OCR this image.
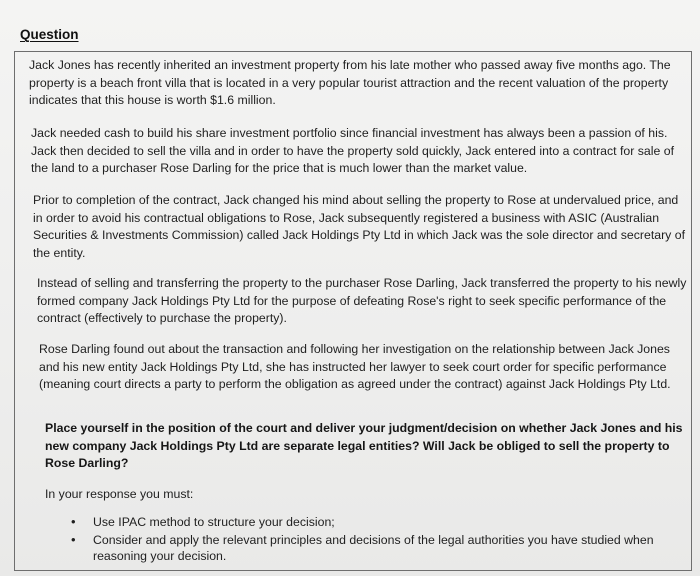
Question

Jack Jones has recently inherited an investment property from his late mother who passed away five months ago. The property is a beach front villa that is located in a very popular tourist attraction and the recent valuation of the property indicates that this house is worth $1.6 million.

Jack needed cash to build his share investment portfolio since financial investment has always been a passion of his. Jack then decided to sell the villa and in order to have the property sold quickly, Jack entered into a contract for sale of the land to a purchaser Rose Darling for the price that is much lower than the market value.

Prior to completion of the contract, Jack changed his mind about selling the property to Rose at undervalued price, and in order to avoid his contractual obligations to Rose, Jack subsequently registered a business with ASIC (Australian Securities & Investments Commission) called Jack Holdings Pty Ltd in which Jack was the sole director and secretary of the entity.

Instead of selling and transferring the property to the purchaser Rose Darling, Jack transferred the property to his newly formed company Jack Holdings Pty Ltd for the purpose of defeating Rose's right to seek specific performance of the contract (effectively to purchase the property).

Rose Darling found out about the transaction and following her investigation on the relationship between Jack Jones and his new entity Jack Holdings Pty Ltd, she has instructed her lawyer to seek court order for specific performance (meaning court directs a party to perform the obligation as agreed under the contract) against Jack Holdings Pty Ltd.

Place yourself in the position of the court and deliver your judgment/decision on whether Jack Jones and his new company Jack Holdings Pty Ltd are separate legal entities? Will Jack be obliged to sell the property to Rose Darling?

In your response you must:

• Use IPAC method to structure your decision;
• Consider and apply the relevant principles and decisions of the legal authorities you have studied when reasoning your decision.
